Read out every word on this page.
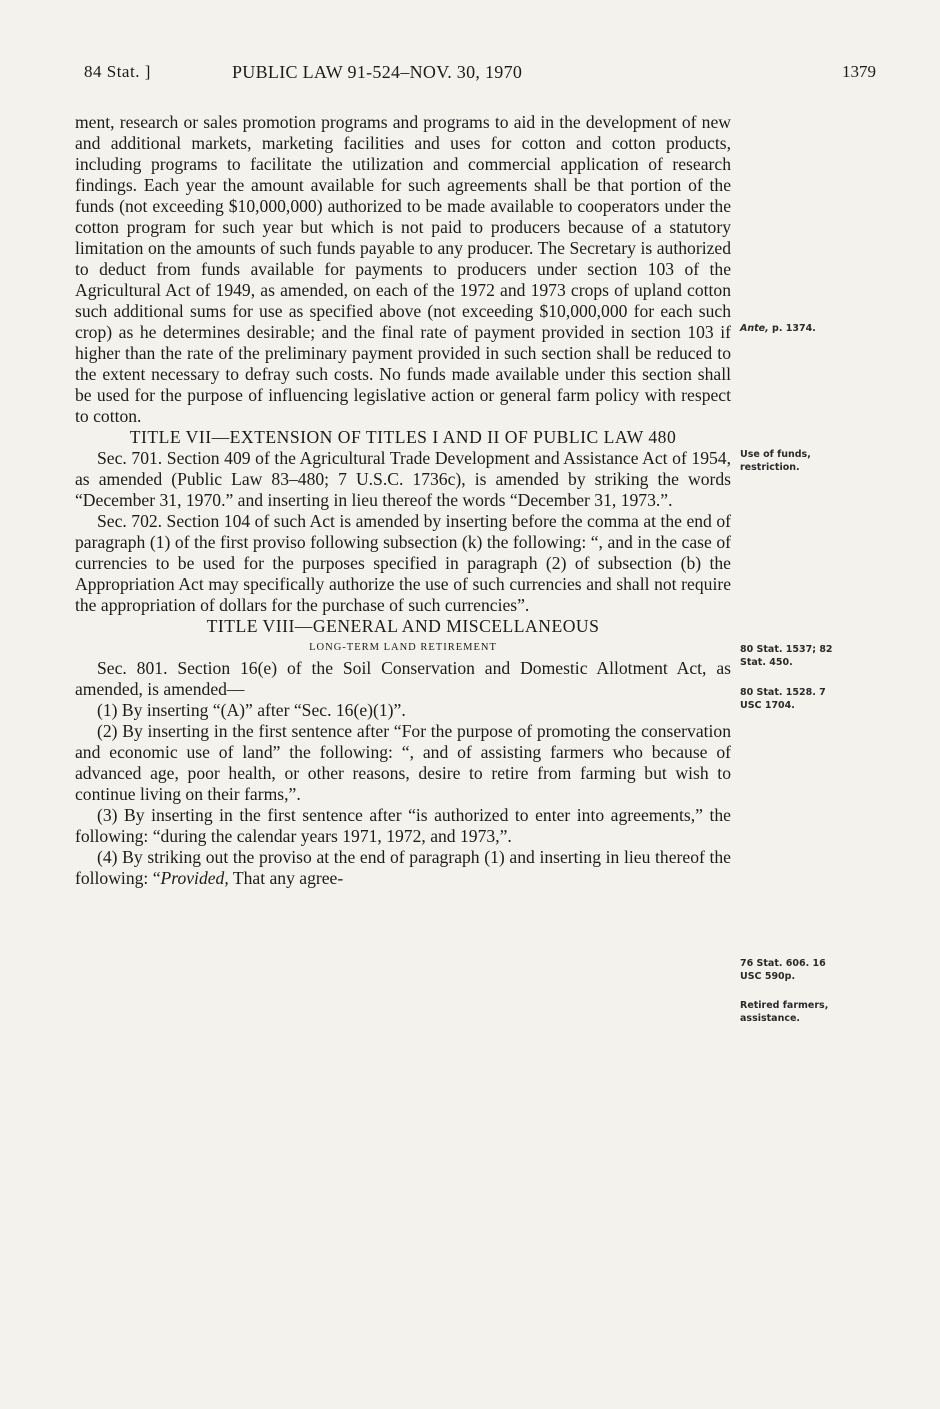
84 Stat. ]	PUBLIC LAW 91-524–NOV. 30, 1970	1379

ment, research or sales promotion programs and programs to aid in the development of new and additional markets, marketing facilities and uses for cotton and cotton products, including programs to facilitate the utilization and commercial application of research findings. Each year the amount available for such agreements shall be that portion of the funds (not exceeding $10,000,000) authorized to be made available to cooperators under the cotton program for such year but which is not paid to producers because of a statutory limitation on the amounts of such funds payable to any producer. The Secretary is authorized to deduct from funds available for payments to producers under section 103 of the Agricultural Act of 1949, as amended, on each of the 1972 and 1973 crops of upland cotton such additional sums for use as specified above (not exceeding $10,000,000 for each such crop) as he determines desirable; and the final rate of payment provided in section 103 if higher than the rate of the preliminary payment provided in such section shall be reduced to the extent necessary to defray such costs. No funds made available under this section shall be used for the purpose of influencing legislative action or general farm policy with respect to cotton.

TITLE VII—EXTENSION OF TITLES I AND II OF PUBLIC LAW 480

Sec. 701. Section 409 of the Agricultural Trade Development and Assistance Act of 1954, as amended (Public Law 83–480; 7 U.S.C. 1736c), is amended by striking the words “December 31, 1970.” and inserting in lieu thereof the words “December 31, 1973.”.

Sec. 702. Section 104 of such Act is amended by inserting before the comma at the end of paragraph (1) of the first proviso following subsection (k) the following: “, and in the case of currencies to be used for the purposes specified in paragraph (2) of subsection (b) the Appropriation Act may specifically authorize the use of such currencies and shall not require the appropriation of dollars for the purchase of such currencies”.

TITLE VIII—GENERAL AND MISCELLANEOUS

LONG-TERM LAND RETIREMENT

Sec. 801. Section 16(e) of the Soil Conservation and Domestic Allotment Act, as amended, is amended—

(1) By inserting “(A)” after “Sec. 16(e)(1)”.

(2) By inserting in the first sentence after “For the purpose of promoting the conservation and economic use of land” the following: “, and of assisting farmers who because of advanced age, poor health, or other reasons, desire to retire from farming but wish to continue living on their farms,”.

(3) By inserting in the first sentence after “is authorized to enter into agreements,” the following: “during the calendar years 1971, 1972, and 1973,”.

(4) By striking out the proviso at the end of paragraph (1) and inserting in lieu thereof the following: “Provided, That any agree-

Ante, p. 1374.
Use of funds, restriction.
80 Stat. 1537; 82 Stat. 450.
80 Stat. 1528. 7 USC 1704.
76 Stat. 606. 16 USC 590p.
Retired farmers, assistance.
